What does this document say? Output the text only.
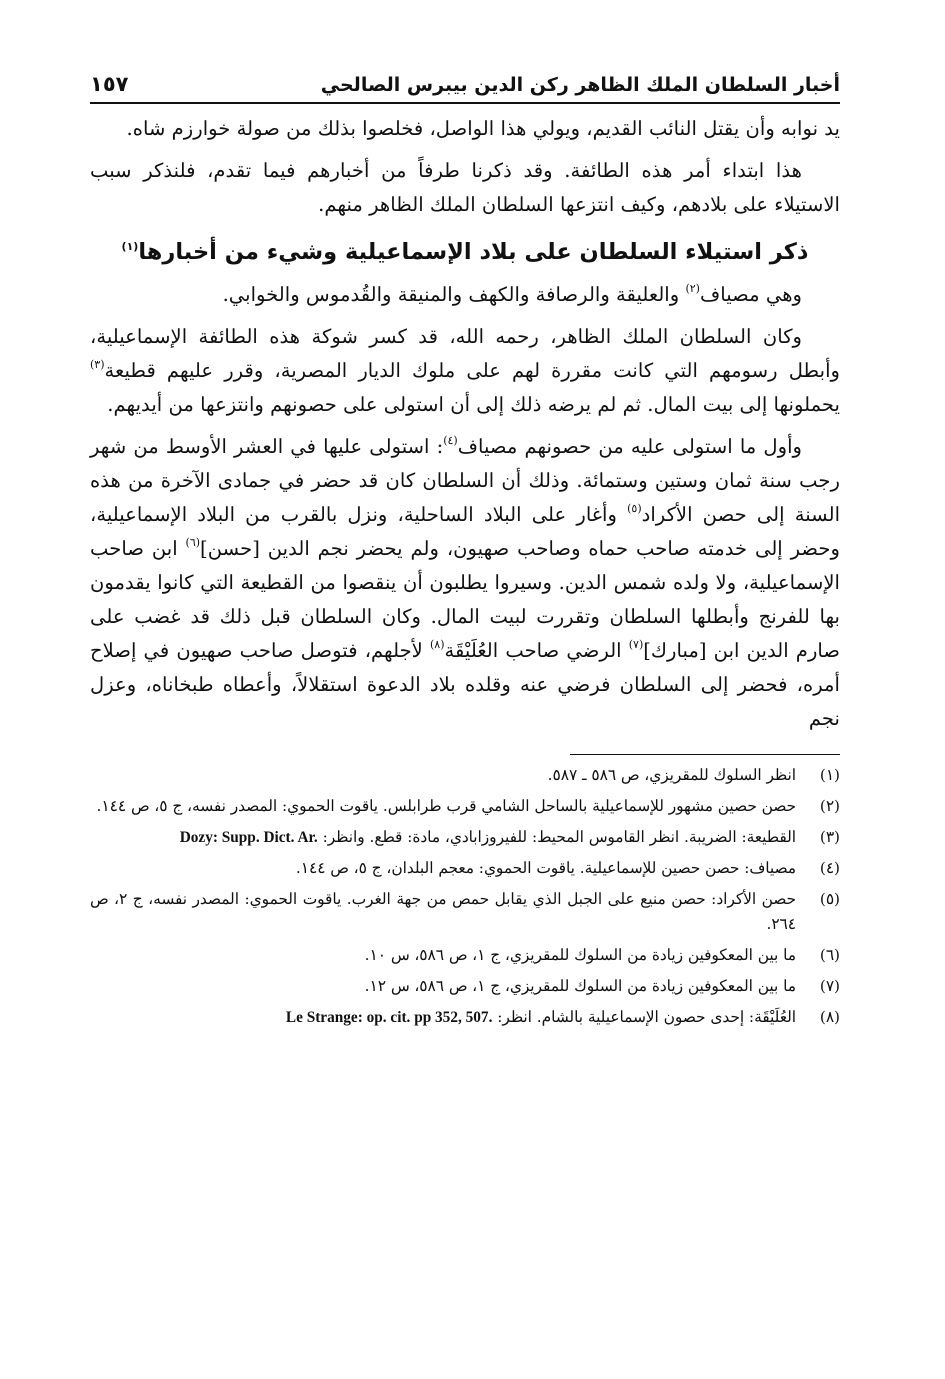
أخبار السلطان الملك الظاهر ركن الدين بيبرس الصالحي
١٥٧

يد نوابه وأن يقتل النائب القديم، ويولي هذا الواصل، فخلصوا بذلك من صولة خوارزم شاه.

هذا ابتداء أمر هذه الطائفة. وقد ذكرنا طرفاً من أخبارهم فيما تقدم، فلنذكر سبب الاستيلاء على بلادهم، وكيف انتزعها السلطان الملك الظاهر منهم.

ذكر استيلاء السلطان على بلاد الإسماعيلية وشيء من أخبارها$^{(١)}$

وهي مصياف$^{(٢)}$ والعليقة والرصافة والكهف والمنيقة والقُدموس والخوابي.

وكان السلطان الملك الظاهر، رحمه الله، قد كسر شوكة هذه الطائفة الإسماعيلية، وأبطل رسومهم التي كانت مقررة لهم على ملوك الديار المصرية، وقرر عليهم قطيعة$^{(٣)}$ يحملونها إلى بيت المال. ثم لم يرضه ذلك إلى أن استولى على حصونهم وانتزعها من أيديهم.

وأول ما استولى عليه من حصونهم مصياف$^{(٤)}$: استولى عليها في العشر الأوسط من شهر رجب سنة ثمان وستين وستمائة. وذلك أن السلطان كان قد حضر في جمادى الآخرة من هذه السنة إلى حصن الأكراد$^{(٥)}$ وأغار على البلاد الساحلية، ونزل بالقرب من البلاد الإسماعيلية، وحضر إلى خدمته صاحب حماه وصاحب صهيون، ولم يحضر نجم الدين [حسن]$^{(٦)}$ ابن صاحب الإسماعيلية، ولا ولده شمس الدين. وسيروا يطلبون أن ينقصوا من القطيعة التي كانوا يقدمون بها للفرنج وأبطلها السلطان وتقررت لبيت المال. وكان السلطان قبل ذلك قد غضب على صارم الدين ابن [مبارك]$^{(٧)}$ الرضي صاحب العُلَيْقَة$^{(٨)}$ لأجلهم، فتوصل صاحب صهيون في إصلاح أمره، فحضر إلى السلطان فرضي عنه وقلده بلاد الدعوة استقلالاً، وأعطاه طبخاناه، وعزل نجم

(١)
انظر السلوك للمقريزي، ص ٥٨٦ ـ ٥٨٧.
(٢)
حصن حصين مشهور للإسماعيلية بالساحل الشامي قرب طرابلس. ياقوت الحموي: المصدر نفسه، ج ٥، ص ١٤٤.
(٣)
القطيعة: الضريبة. انظر القاموس المحيط: للفيروزابادي، مادة: قطع. وانظر: Dozy: Supp. Dict. Ar.
(٤)
مصياف: حصن حصين للإسماعيلية. ياقوت الحموي: معجم البلدان، ج ٥، ص ١٤٤.
(٥)
حصن الأكراد: حصن منيع على الجبل الذي يقابل حمص من جهة الغرب. ياقوت الحموي: المصدر نفسه، ج ٢، ص ٢٦٤.
(٦)
ما بين المعكوفين زيادة من السلوك للمقريزي، ج ١، ص ٥٨٦، س ١٠.
(٧)
ما بين المعكوفين زيادة من السلوك للمقريزي، ج ١، ص ٥٨٦، س ١٢.
(٨)
العُلَيْقَة: إحدى حصون الإسماعيلية بالشام. انظر: Le Strange: op. cit. pp 352, 507.
